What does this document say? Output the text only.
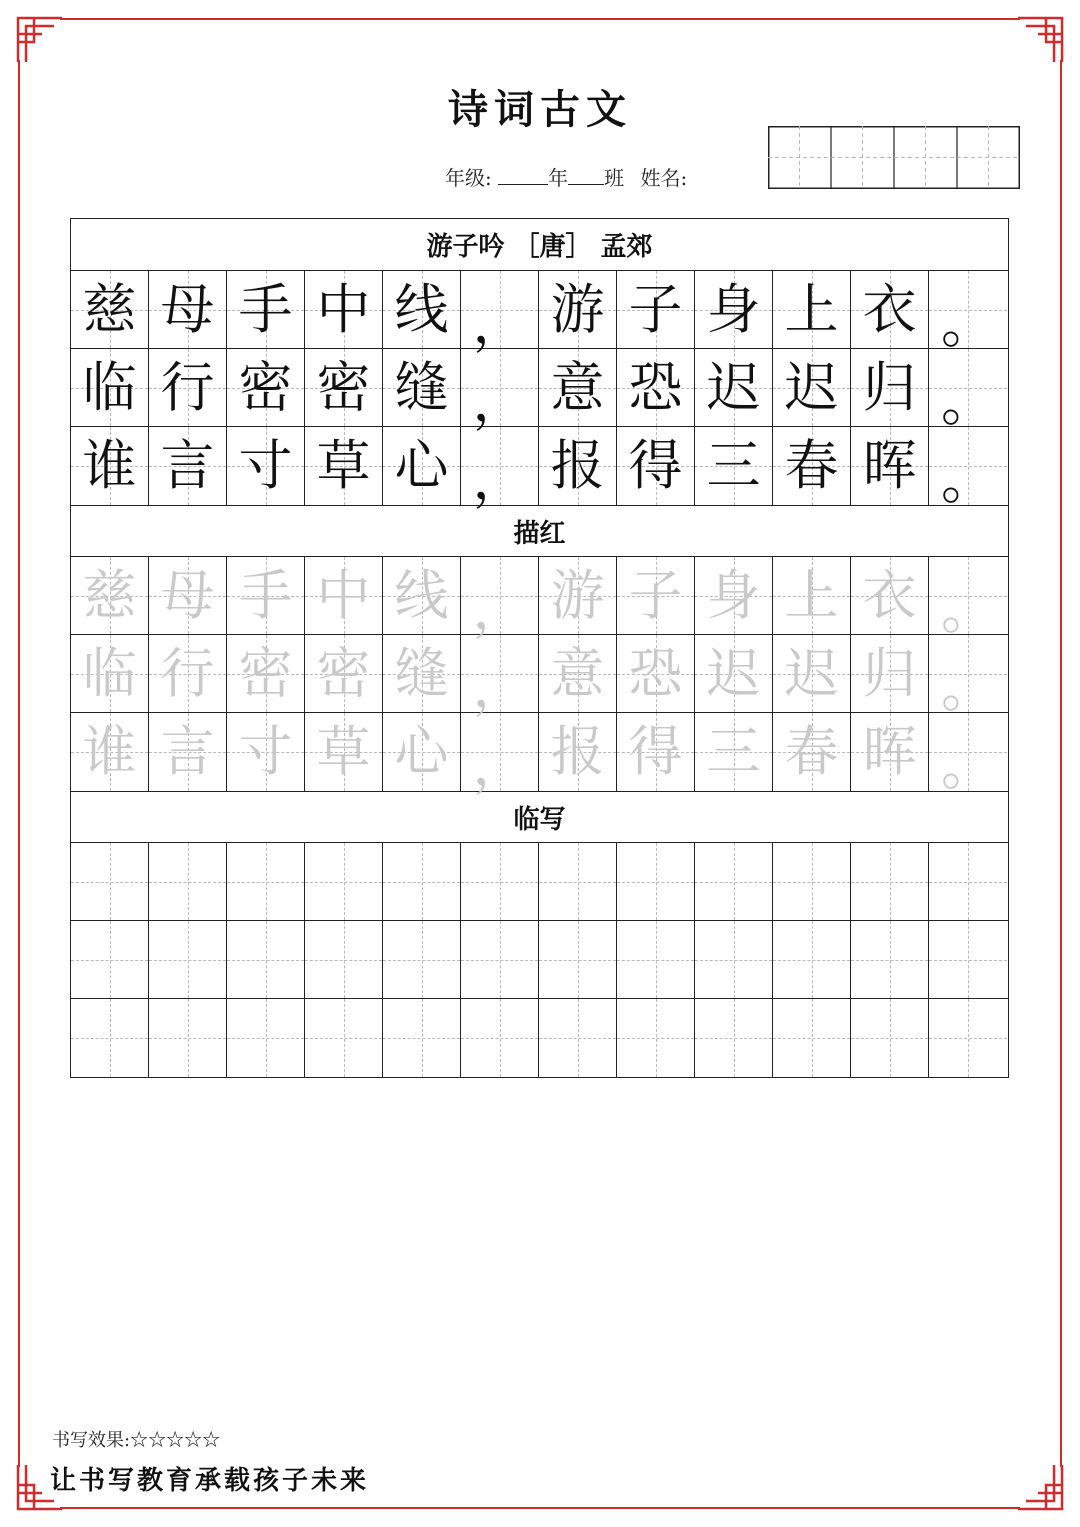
诗词古文
年级:	年 班 姓名:
游子吟 ［唐］ 孟郊
慈 母 手 中 线 ， 游 子 身 上 衣 。
临 行 密 密 缝 ， 意 恐 迟 迟 归 。
谁 言 寸 草 心 ， 报 得 三 春 晖 。
描红
慈 母 手 中 线 ， 游 子 身 上 衣 。
临 行 密 密 缝 ， 意 恐 迟 迟 归 。
谁 言 寸 草 心 ， 报 得 三 春 晖 。
临写
书写效果:☆☆☆☆☆
让书写教育承载孩子未来
